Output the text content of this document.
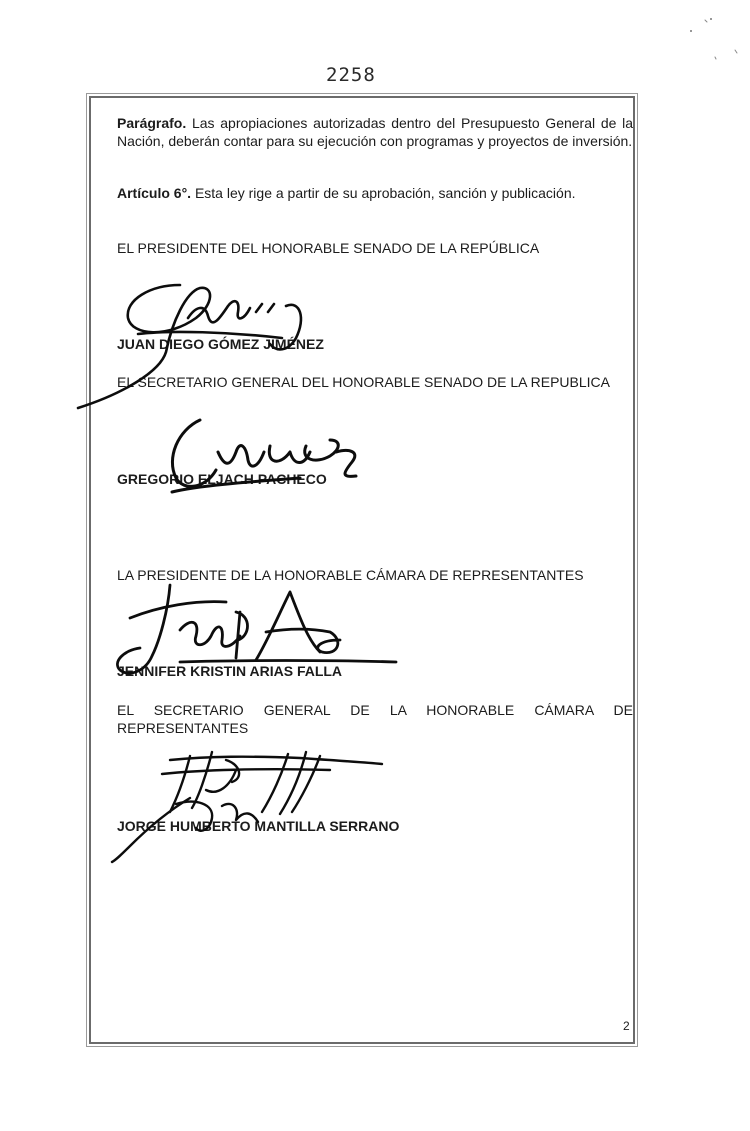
2258
Parágrafo. Las apropiaciones autorizadas dentro del Presupuesto General de la Nación, deberán contar para su ejecución con programas y proyectos de inversión.
Artículo 6°. Esta ley rige a partir de su aprobación, sanción y publicación.
EL PRESIDENTE DEL HONORABLE SENADO DE LA REPÚBLICA
JUAN DIEGO GÓMEZ JIMÉNEZ
EL SECRETARIO GENERAL DEL HONORABLE SENADO DE LA REPUBLICA
GREGORIO ELJACH PACHECO
LA PRESIDENTE DE LA HONORABLE CÁMARA DE REPRESENTANTES
JENNIFER KRISTIN ARIAS FALLA
EL SECRETARIO GENERAL DE LA HONORABLE CÁMARA DE REPRESENTANTES
JORGE HUMBERTO MANTILLA SERRANO
2
